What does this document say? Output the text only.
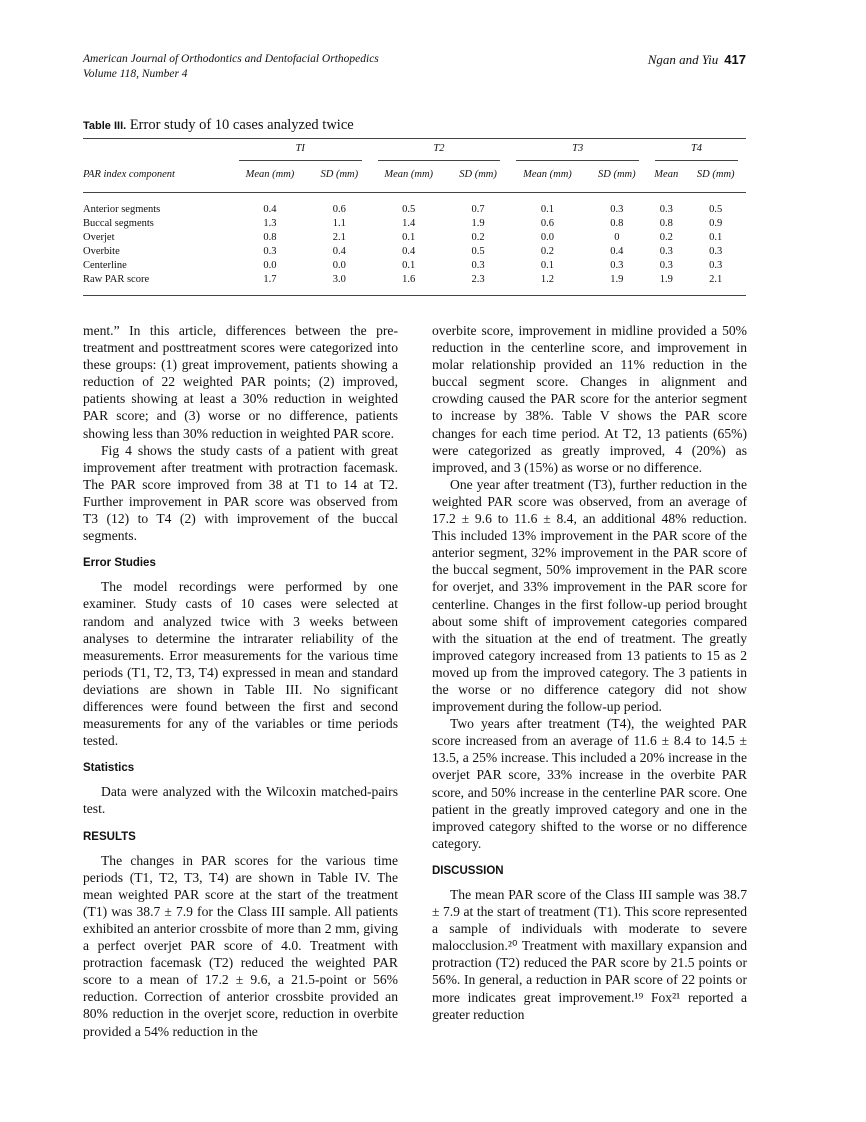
American Journal of Orthodontics and Dentofacial Orthopedics
Volume 118, Number 4
Ngan and Yiu 417
Table III. Error study of 10 cases analyzed twice

	TI		T2		T3		T4	

PAR index component	Mean (mm)	SD (mm)	Mean (mm)	SD (mm)	Mean (mm)	SD (mm)	Mean	SD (mm)
Anterior segments	0.4	0.6	0.5	0.7	0.1	0.3	0.3	0.5
Buccal segments	1.3	1.1	1.4	1.9	0.6	0.8	0.8	0.9
Overjet	0.8	2.1	0.1	0.2	0.0	0	0.2	0.1
Overbite	0.3	0.4	0.4	0.5	0.2	0.4	0.3	0.3
Centerline	0.0	0.0	0.1	0.3	0.1	0.3	0.3	0.3
Raw PAR score	1.7	3.0	1.6	2.3	1.2	1.9	1.9	2.1

ment.” In this article, differences between the pre-treatment and posttreatment scores were categorized into these groups: (1) great improvement, patients showing a reduction of 22 weighted PAR points; (2) improved, patients showing at least a 30% reduction in weighted PAR score; and (3) worse or no difference, patients showing less than 30% reduction in weighted PAR score.

Fig 4 shows the study casts of a patient with great improvement after treatment with protraction facemask. The PAR score improved from 38 at T1 to 14 at T2. Further improvement in PAR score was observed from T3 (12) to T4 (2) with improvement of the buccal segments.

Error Studies

The model recordings were performed by one examiner. Study casts of 10 cases were selected at random and analyzed twice with 3 weeks between analyses to determine the intrarater reliability of the measurements. Error measurements for the various time periods (T1, T2, T3, T4) expressed in mean and standard deviations are shown in Table III. No significant differences were found between the first and second measurements for any of the variables or time periods tested.

Statistics

Data were analyzed with the Wilcoxin matched-pairs test.

RESULTS

The changes in PAR scores for the various time periods (T1, T2, T3, T4) are shown in Table IV. The mean weighted PAR score at the start of the treatment (T1) was 38.7 ± 7.9 for the Class III sample. All patients exhibited an anterior crossbite of more than 2 mm, giving a perfect overjet PAR score of 4.0. Treatment with protraction facemask (T2) reduced the weighted PAR score to a mean of 17.2 ± 9.6, a 21.5-point or 56% reduction. Correction of anterior crossbite provided an 80% reduction in the overjet score, reduction in overbite provided a 54% reduction in the

overbite score, improvement in midline provided a 50% reduction in the centerline score, and improvement in molar relationship provided an 11% reduction in the buccal segment score. Changes in alignment and crowding caused the PAR score for the anterior segment to increase by 38%. Table V shows the PAR score changes for each time period. At T2, 13 patients (65%) were categorized as greatly improved, 4 (20%) as improved, and 3 (15%) as worse or no difference.

One year after treatment (T3), further reduction in the weighted PAR score was observed, from an average of 17.2 ± 9.6 to 11.6 ± 8.4, an additional 48% reduction. This included 13% improvement in the PAR score of the anterior segment, 32% improvement in the PAR score of the buccal segment, 50% improvement in the PAR score for overjet, and 33% improvement in the PAR score for centerline. Changes in the first follow-up period brought about some shift of improvement categories compared with the situation at the end of treatment. The greatly improved category increased from 13 patients to 15 as 2 moved up from the improved category. The 3 patients in the worse or no difference category did not show improvement during the follow-up period.

Two years after treatment (T4), the weighted PAR score increased from an average of 11.6 ± 8.4 to 14.5 ± 13.5, a 25% increase. This included a 20% increase in the overjet PAR score, 33% increase in the overbite PAR score, and 50% increase in the centerline PAR score. One patient in the greatly improved category and one in the improved category shifted to the worse or no difference category.

DISCUSSION

The mean PAR score of the Class III sample was 38.7 ± 7.9 at the start of treatment (T1). This score represented a sample of individuals with moderate to severe malocclusion.²⁰ Treatment with maxillary expansion and protraction (T2) reduced the PAR score by 21.5 points or 56%. In general, a reduction in PAR score of 22 points or more indicates great improvement.¹⁹ Fox²¹ reported a greater reduction
